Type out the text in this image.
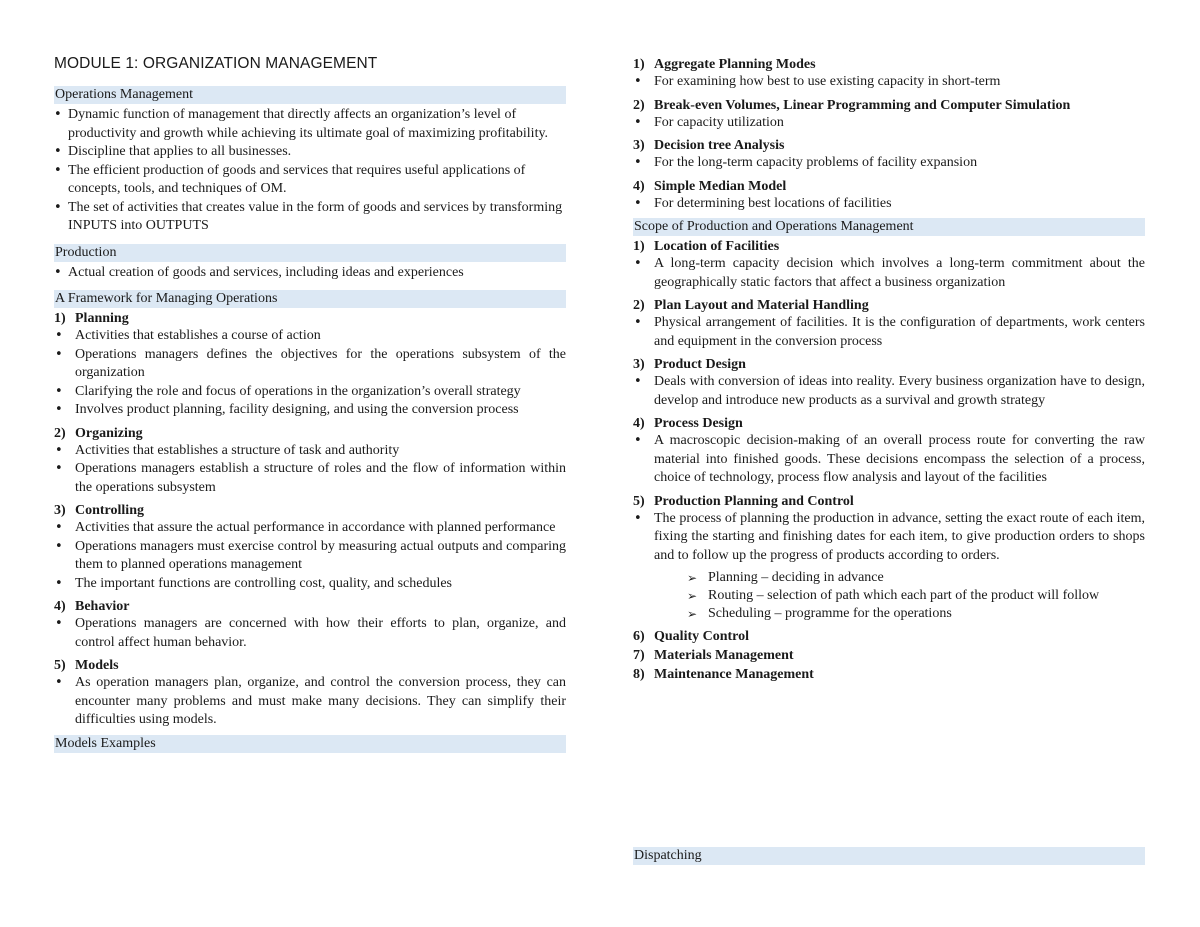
MODULE 1: ORGANIZATION MANAGEMENT
Operations Management
• Dynamic function of management that directly affects an organization’s level of productivity and growth while achieving its ultimate goal of maximizing profitability.
• Discipline that applies to all businesses.
• The efficient production of goods and services that requires useful applications of concepts, tools, and techniques of OM.
• The set of activities that creates value in the form of goods and services by transforming INPUTS into OUTPUTS
Production
• Actual creation of goods and services, including ideas and experiences
A Framework for Managing Operations
1) Planning
• Activities that establishes a course of action
• Operations managers defines the objectives for the operations subsystem of the organization
• Clarifying the role and focus of operations in the organization’s overall strategy
• Involves product planning, facility designing, and using the conversion process
2) Organizing
• Activities that establishes a structure of task and authority
• Operations managers establish a structure of roles and the flow of information within the operations subsystem
3) Controlling
• Activities that assure the actual performance in accordance with planned performance
• Operations managers must exercise control by measuring actual outputs and comparing them to planned operations management
• The important functions are controlling cost, quality, and schedules
4) Behavior
• Operations managers are concerned with how their efforts to plan, organize, and control affect human behavior.
5) Models
• As operation managers plan, organize, and control the conversion process, they can encounter many problems and must make many decisions. They can simplify their difficulties using models.
Models Examples
1) Aggregate Planning Modes
• For examining how best to use existing capacity in short-term
2) Break-even Volumes, Linear Programming and Computer Simulation
• For capacity utilization
3) Decision tree Analysis
• For the long-term capacity problems of facility expansion
4) Simple Median Model
• For determining best locations of facilities
Scope of Production and Operations Management
1) Location of Facilities
• A long-term capacity decision which involves a long-term commitment about the geographically static factors that affect a business organization
2) Plan Layout and Material Handling
• Physical arrangement of facilities. It is the configuration of departments, work centers and equipment in the conversion process
3) Product Design
• Deals with conversion of ideas into reality. Every business organization have to design, develop and introduce new products as a survival and growth strategy
4) Process Design
• A macroscopic decision-making of an overall process route for converting the raw material into finished goods. These decisions encompass the selection of a process, choice of technology, process flow analysis and layout of the facilities
5) Production Planning and Control
• The process of planning the production in advance, setting the exact route of each item, fixing the starting and finishing dates for each item, to give production orders to shops and to follow up the progress of products according to orders.
➢ Planning – deciding in advance
➢ Routing – selection of path which each part of the product will follow
➢ Scheduling – programme for the operations
6) Quality Control
7) Materials Management
8) Maintenance Management
Dispatching
